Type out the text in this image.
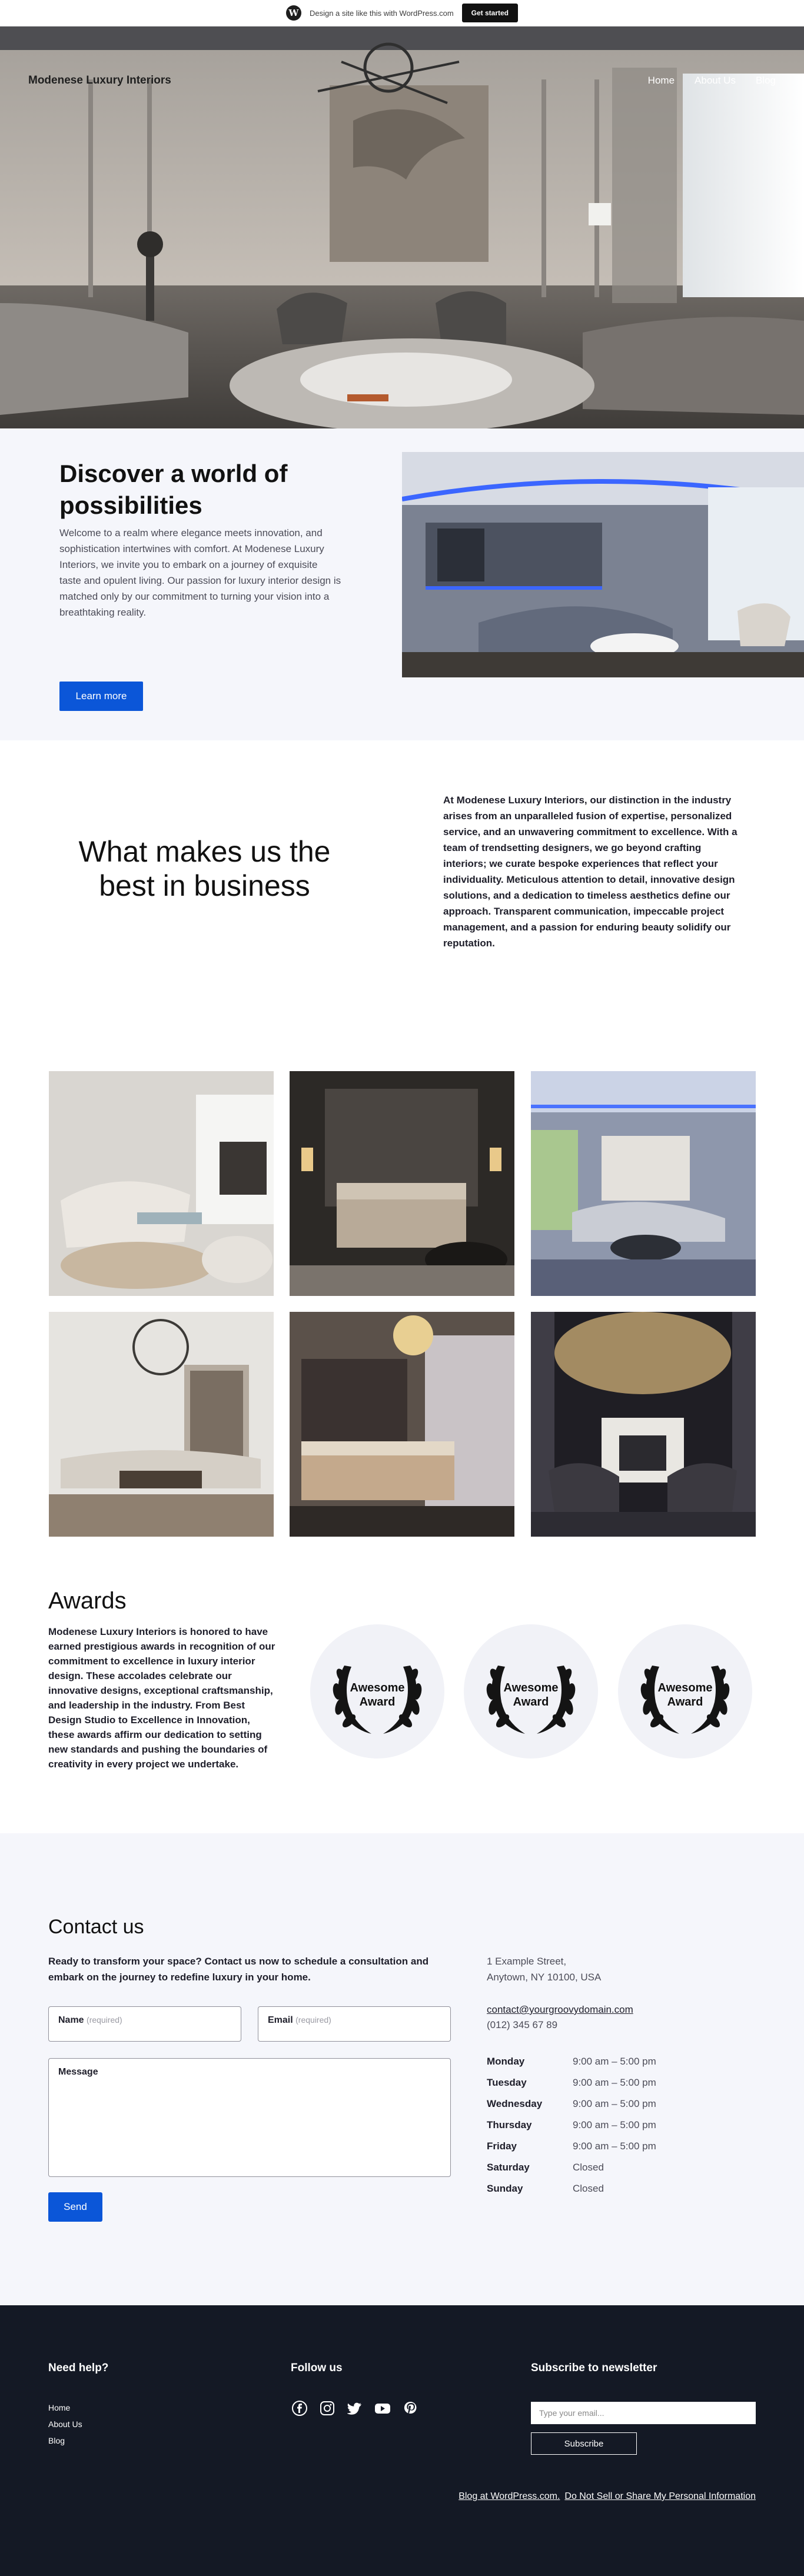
W	Design a site like this with WordPress.com	Get started
Modenese Luxury Interiors	Home About Us Blog
Discover a world of possibilities

Welcome to a realm where elegance meets innovation, and sophistication intertwines with comfort. At Modenese Luxury Interiors, we invite you to embark on a journey of exquisite taste and opulent living. Our passion for luxury interior design is matched only by our commitment to turning your vision into a breathtaking reality.

Learn more
What makes us the best in business

At Modenese Luxury Interiors, our distinction in the industry arises from an unparalleled fusion of expertise, personalized service, and an unwavering commitment to excellence. With a team of trendsetting designers, we go beyond crafting interiors; we curate bespoke experiences that reflect your individuality. Meticulous attention to detail, innovative design solutions, and a dedication to timeless aesthetics define our approach. Transparent communication, impeccable project management, and a passion for enduring beauty solidify our reputation.

Awards

Modenese Luxury Interiors is honored to have earned prestigious awards in recognition of our commitment to excellence in luxury interior design. These accolades celebrate our innovative designs, exceptional craftsmanship, and leadership in the industry. From Best Design Studio to Excellence in Innovation, these awards affirm our dedication to setting new standards and pushing the boundaries of creativity in every project we undertake.

Awesome
Award
Awesome
Award
Awesome
Award
Contact us

Ready to transform your space? Contact us now to schedule a consultation and embark on the journey to redefine luxury in your home.

Name (required)	Email (required)
Message
Send
1 Example Street,
Anytown, NY 10100, USA
contact@yourgroovydomain.com
(012) 345 67 89
Monday	9:00 am – 5:00 pm
Tuesday	9:00 am – 5:00 pm
Wednesday	9:00 am – 5:00 pm
Thursday	9:00 am – 5:00 pm
Friday	9:00 am – 5:00 pm
Saturday	Closed
Sunday	Closed
Need help?
Home
About Us
Blog
Follow us	Subscribe to newsletter
Type your email...
Subscribe
Blog at WordPress.com. Do Not Sell or Share My Personal Information
